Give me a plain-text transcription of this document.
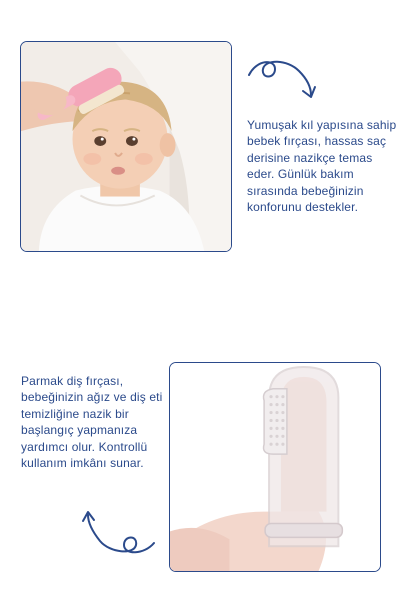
Yumuşak kıl yapısına sahip bebek fırçası, hassas saç derisine nazikçe temas eder. Günlük bakım sırasında bebeğinizin konforunu destekler.

Parmak diş fırçası, bebeğinizin ağız ve diş eti temizliğine nazik bir başlangıç yapmanıza yardımcı olur. Kontrollü kullanım imkânı sunar.
